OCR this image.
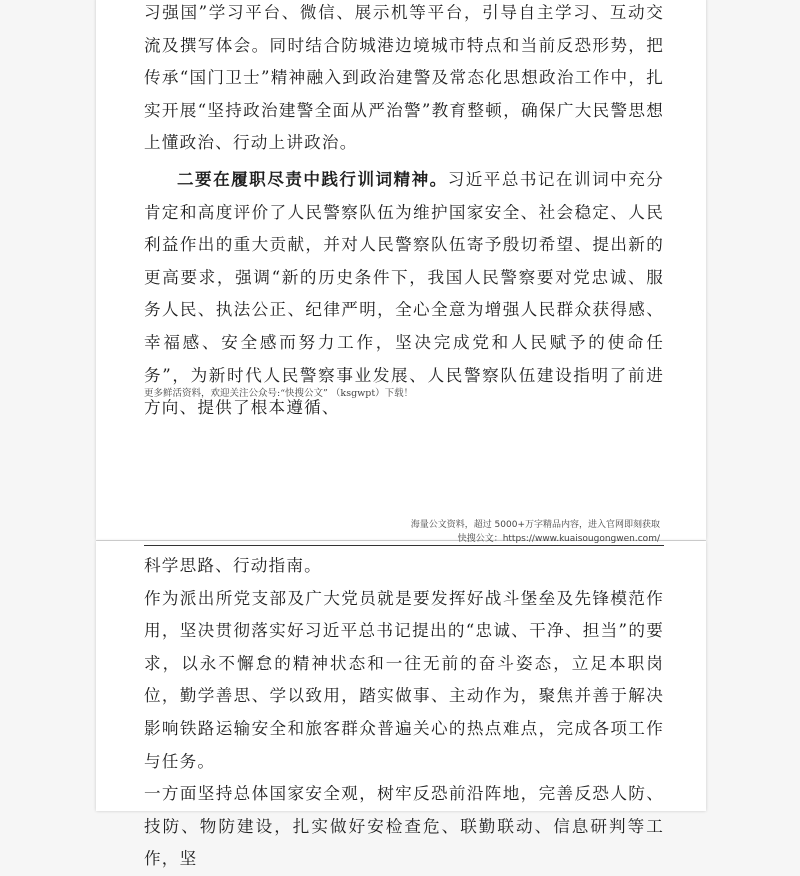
习强国”学习平台、微信、展示机等平台，引导自主学习、互动交流及撰写体会。同时结合防城港边境城市特点和当前反恐形势，把传承“国门卫士”精神融入到政治建警及常态化思想政治工作中，扎实开展“坚持政治建警全面从严治警”教育整顿，确保广大民警思想上懂政治、行动上讲政治。

二要在履职尽责中践行训词精神。习近平总书记在训词中充分肯定和高度评价了人民警察队伍为维护国家安全、社会稳定、人民利益作出的重大贡献，并对人民警察队伍寄予殷切希望、提出新的更高要求，强调“新的历史条件下，我国人民警察要对党忠诚、服务人民、执法公正、纪律严明，全心全意为增强人民群众获得感、幸福感、安全感而努力工作，坚决完成党和人民赋予的使命任务”，为新时代人民警察事业发展、人民警察队伍建设指明了前进方向、提供了根本遵循、

更多鲜活资料，欢迎关注公众号:“快搜公文” （ksgwpt）下载！

海量公文资料，超过 5000+万字精品内容，进入官网即刻获取
快搜公文：https://www.kuaisougongwen.com/

科学思路、行动指南。
作为派出所党支部及广大党员就是要发挥好战斗堡垒及先锋模范作用，坚决贯彻落实好习近平总书记提出的“忠诚、干净、担当”的要求，以永不懈怠的精神状态和一往无前的奋斗姿态，立足本职岗位，勤学善思、学以致用，踏实做事、主动作为，聚焦并善于解决影响铁路运输安全和旅客群众普遍关心的热点难点，完成各项工作与任务。
一方面坚持总体国家安全观，树牢反恐前沿阵地，完善反恐人防、技防、物防建设，扎实做好安检查危、联勤联动、信息研判等工作，坚
